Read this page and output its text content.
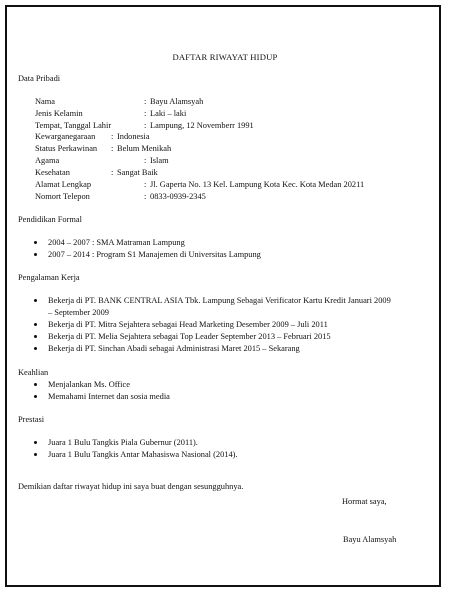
DAFTAR RIWAYAT HIDUP
Data Pribadi
Nama	: Bayu Alamsyah
Jenis Kelamin	: Laki – laki
Tempat, Tanggal Lahir	: Lampung, 12 Novemberr 1991
Kewarganegaraan : Indonesia
Status Perkawinan : Belum Menikah
Agama	: Islam
Kesehatan	: Sangat Baik
Alamat Lengkap	: Jl. Gaperta No. 13 Kel. Lampung Kota Kec. Kota Medan 20211
Nomort Telepon	: 0833-0939-2345
Pendidikan Formal
2004 – 2007 : SMA Matraman Lampung
2007 – 2014 : Program S1 Manajemen di Universitas Lampung
Pengalaman Kerja
Bekerja di PT. BANK CENTRAL ASIA Tbk. Lampung Sebagai Verificator Kartu Kredit Januari 2009
– September 2009
Bekerja di PT. Mitra Sejahtera sebagai Head Marketing Desember 2009 – Juli 2011
Bekerja di PT. Melia Sejahtera sebagai Top Leader September 2013 – Februari 2015
Bekerja di PT. Sinchan Abadi sebagai Administrasi Maret 2015 – Sekarang
Keahlian
Menjalankan Ms. Office
Memahami Internet dan sosia media
Prestasi
Juara 1 Bulu Tangkis Piala Gubernur (2011).
Juara 1 Bulu Tangkis Antar Mahasiswa Nasional (2014).
Demikian daftar riwayat hidup ini saya buat dengan sesungguhnya.
Hormat saya,
Bayu Alamsyah
